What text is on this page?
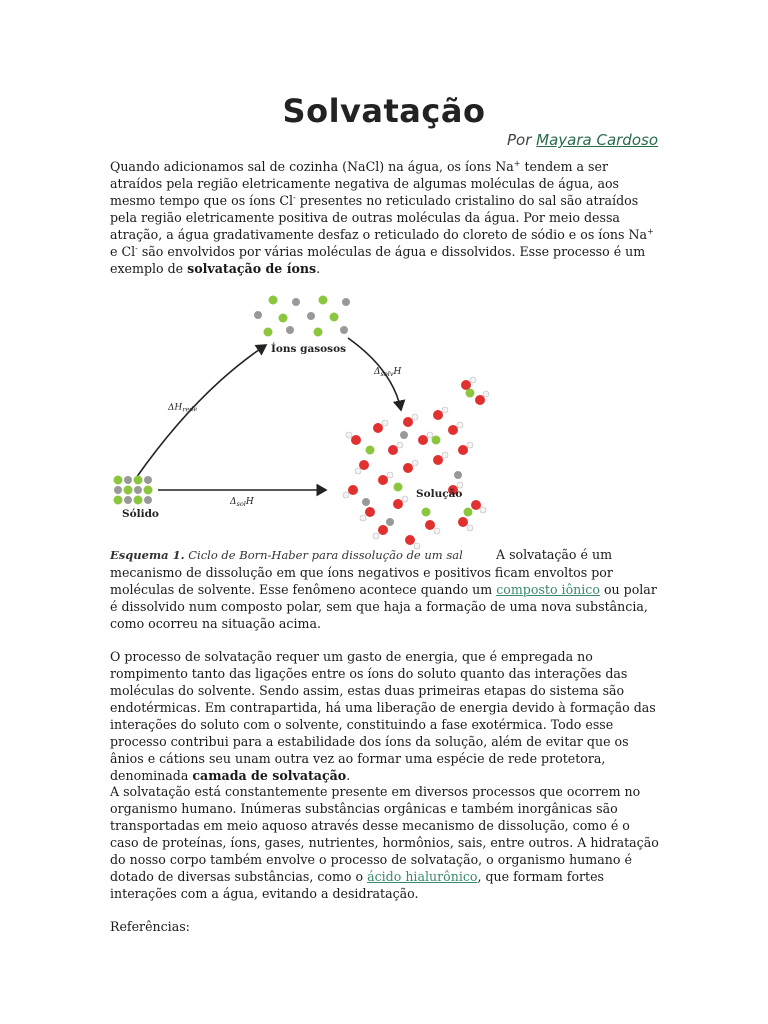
Solvatação
Por Mayara Cardoso
Quando adicionamos sal de cozinha (NaCl) na água, os íons Na+ tendem a ser atraídos pela região eletricamente negativa de algumas moléculas de água, aos mesmo tempo que os íons Cl- presentes no reticulado cristalino do sal são atraídos pela região eletricamente positiva de outras moléculas da água. Por meio dessa atração, a água gradativamente desfaz o reticulado do cloreto de sódio e os íons Na+ e Cl- são envolvidos por várias moléculas de água e dissolvidos. Esse processo é um exemplo de solvatação de íons.
Íons gasosos
Sólido
Solução
$\Delta H_{rede}$
$\Delta_{solv}H$
$\Delta_{sol}H$
Esquema 1. Ciclo de Born-Haber para dissolução de um sal	A solvatação é um mecanismo de dissolução em que íons negativos e positivos ficam envoltos por moléculas de solvente. Esse fenômeno acontece quando um composto iônico ou polar é dissolvido num composto polar, sem que haja a formação de uma nova substância, como ocorreu na situação acima.
O processo de solvatação requer um gasto de energia, que é empregada no rompimento tanto das ligações entre os íons do soluto quanto das interações das moléculas do solvente. Sendo assim, estas duas primeiras etapas do sistema são endotérmicas. Em contrapartida, há uma liberação de energia devido à formação das interações do soluto com o solvente, constituindo a fase exotérmica. Todo esse processo contribui para a estabilidade dos íons da solução, além de evitar que os ânios e cátions seu unam outra vez ao formar uma espécie de rede protetora, denominada camada de solvatação.
A solvatação está constantemente presente em diversos processos que ocorrem no organismo humano. Inúmeras substâncias orgânicas e também inorgânicas são transportadas em meio aquoso através desse mecanismo de dissolução, como é o caso de proteínas, íons, gases, nutrientes, hormônios, sais, entre outros. A hidratação do nosso corpo também envolve o processo de solvatação, o organismo humano é dotado de diversas substâncias, como o ácido hialurônico, que formam fortes interações com a água, evitando a desidratação.
Referências:
